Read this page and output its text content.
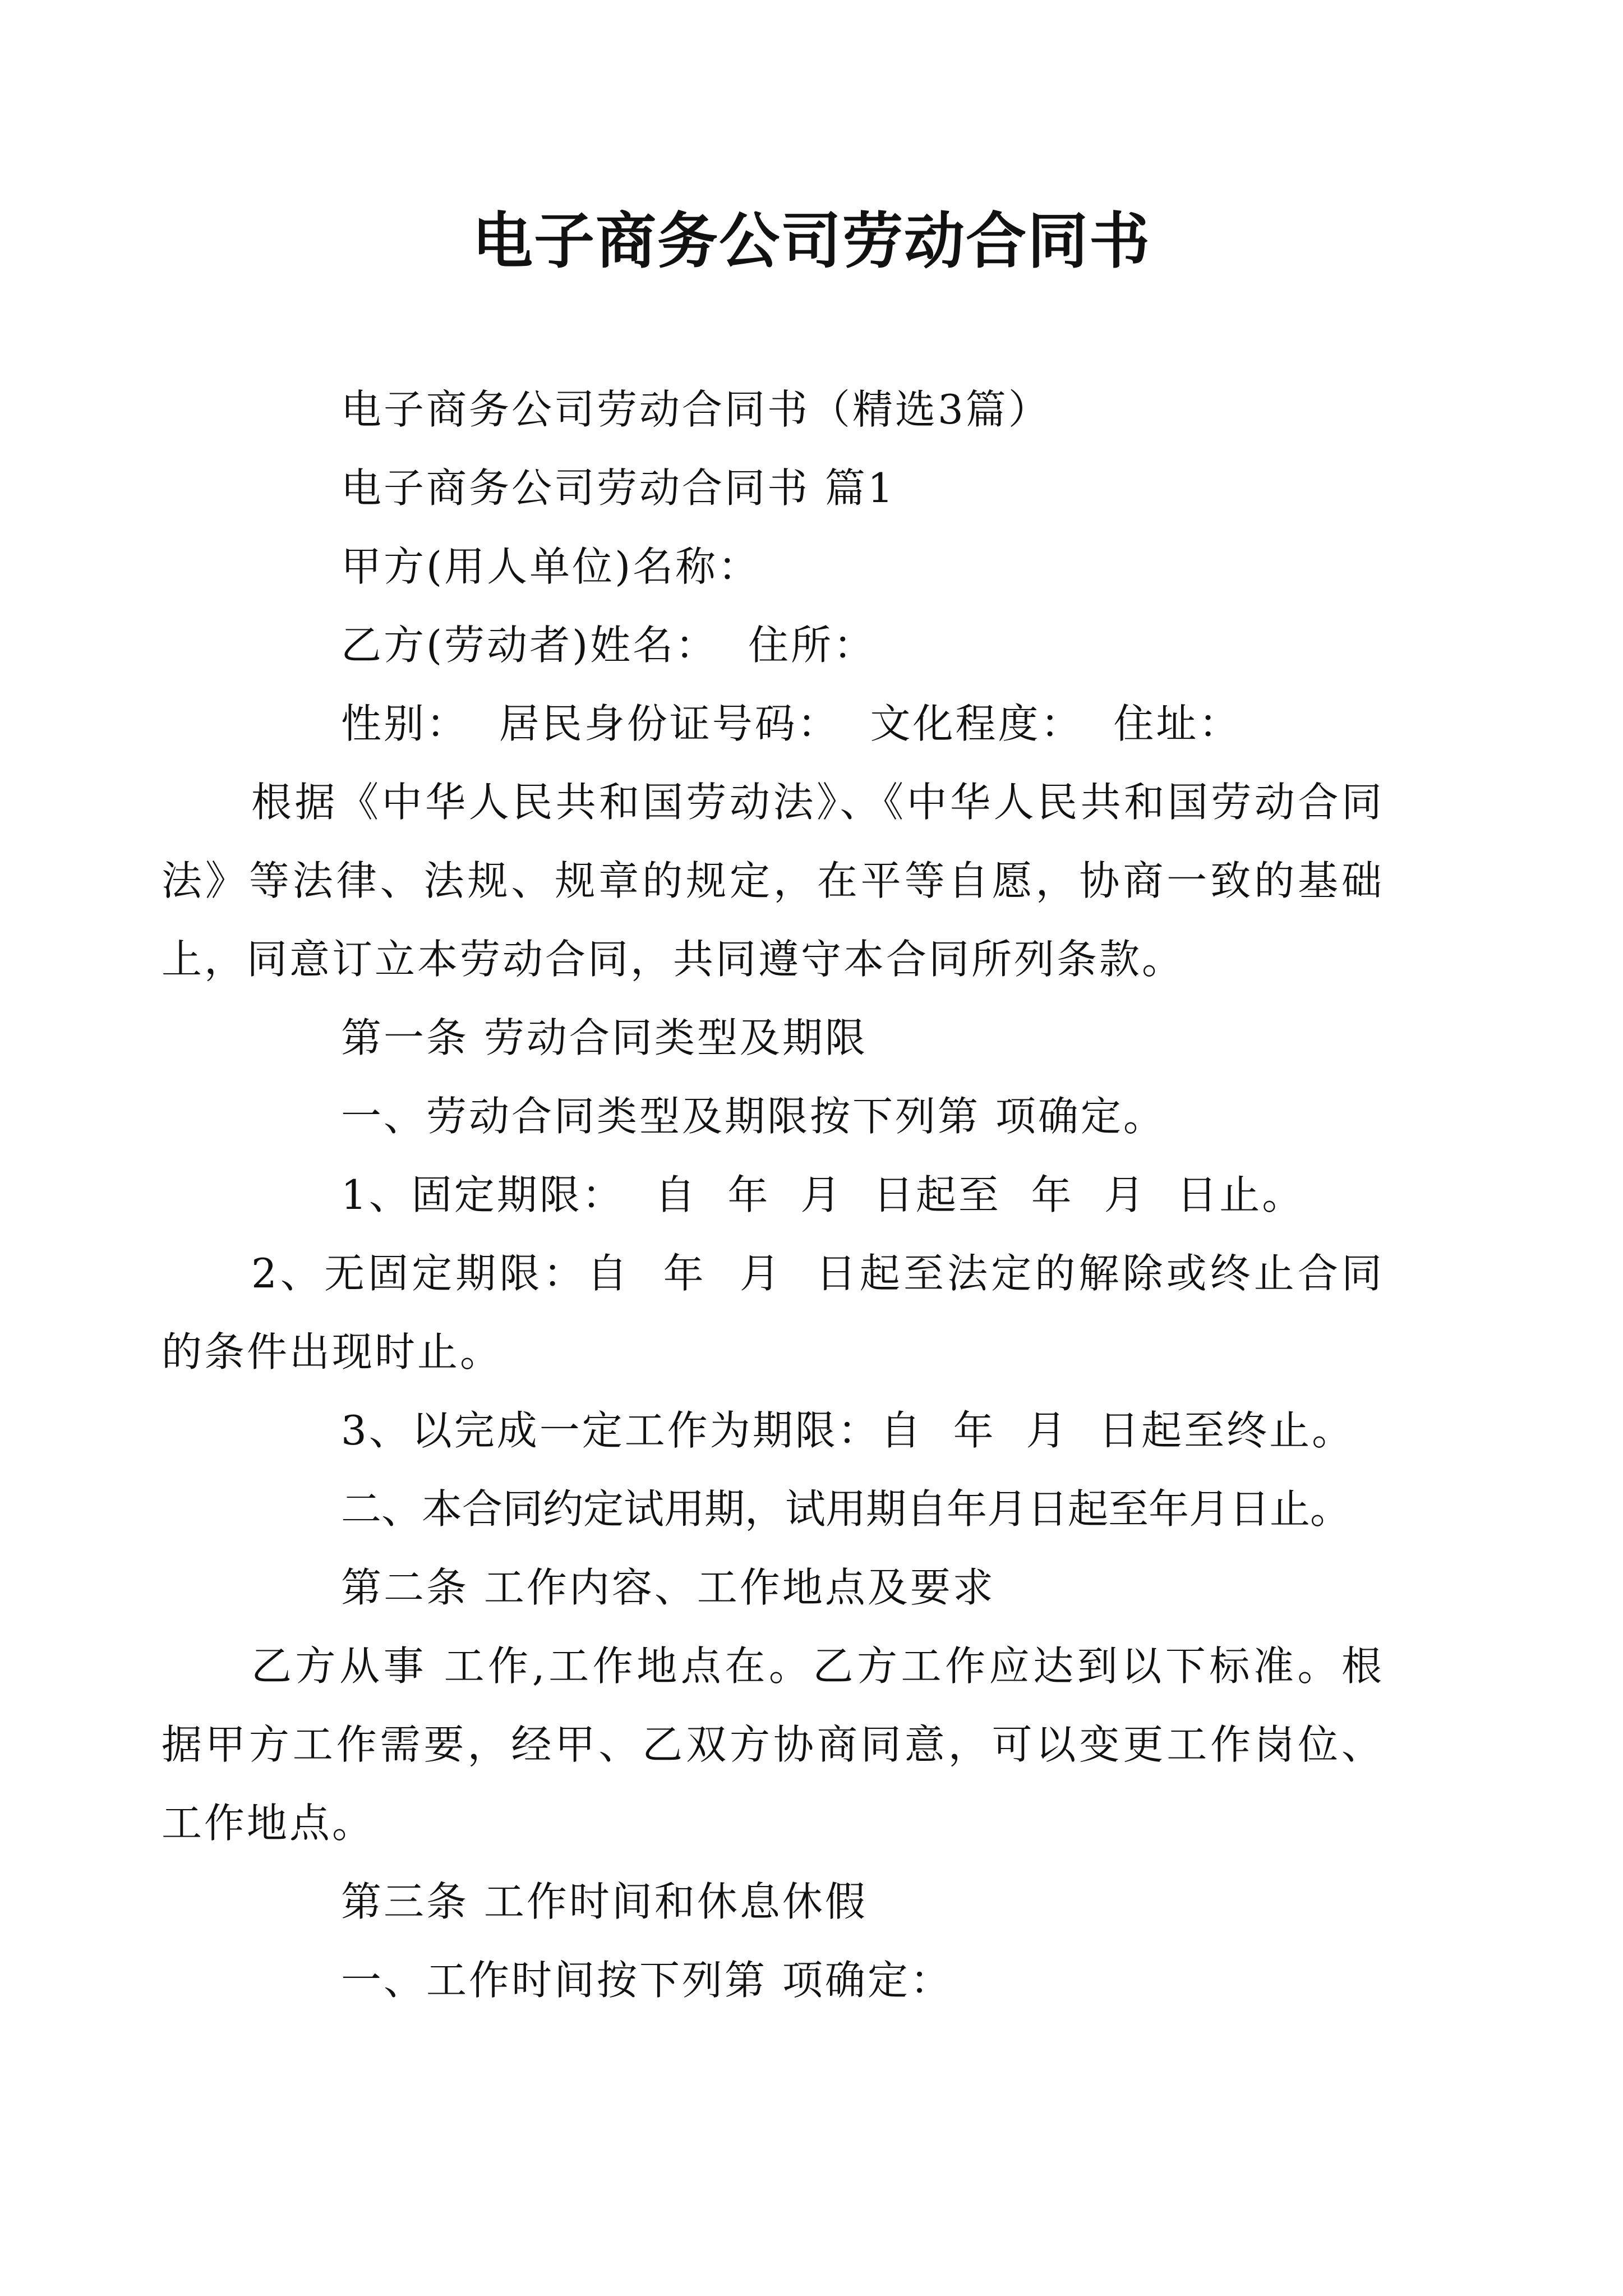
电子商务公司劳动合同书

电子商务公司劳动合同书（精选3篇）

电子商务公司劳动合同书 篇1

甲方(用人单位)名称：

乙方(劳动者)姓名：  住所：

性别：  居民身份证号码：  文化程度：  住址：

根据《中华人民共和国劳动法》、《中华人民共和国劳动合同法》等法律、法规、规章的规定，在平等自愿，协商一致的基础上，同意订立本劳动合同，共同遵守本合同所列条款。

第一条 劳动合同类型及期限

一、劳动合同类型及期限按下列第 项确定。

1、固定期限：  自  年  月  日起至  年  月  日止。

2、无固定期限：自  年  月  日起至法定的解除或终止合同的条件出现时止。

3、以完成一定工作为期限：自  年  月  日起至终止。

二、本合同约定试用期，试用期自年月日起至年月日止。

第二条 工作内容、工作地点及要求

乙方从事 工作,工作地点在。乙方工作应达到以下标准。根据甲方工作需要，经甲、乙双方协商同意，可以变更工作岗位、工作地点。

第三条 工作时间和休息休假

一、工作时间按下列第 项确定：
